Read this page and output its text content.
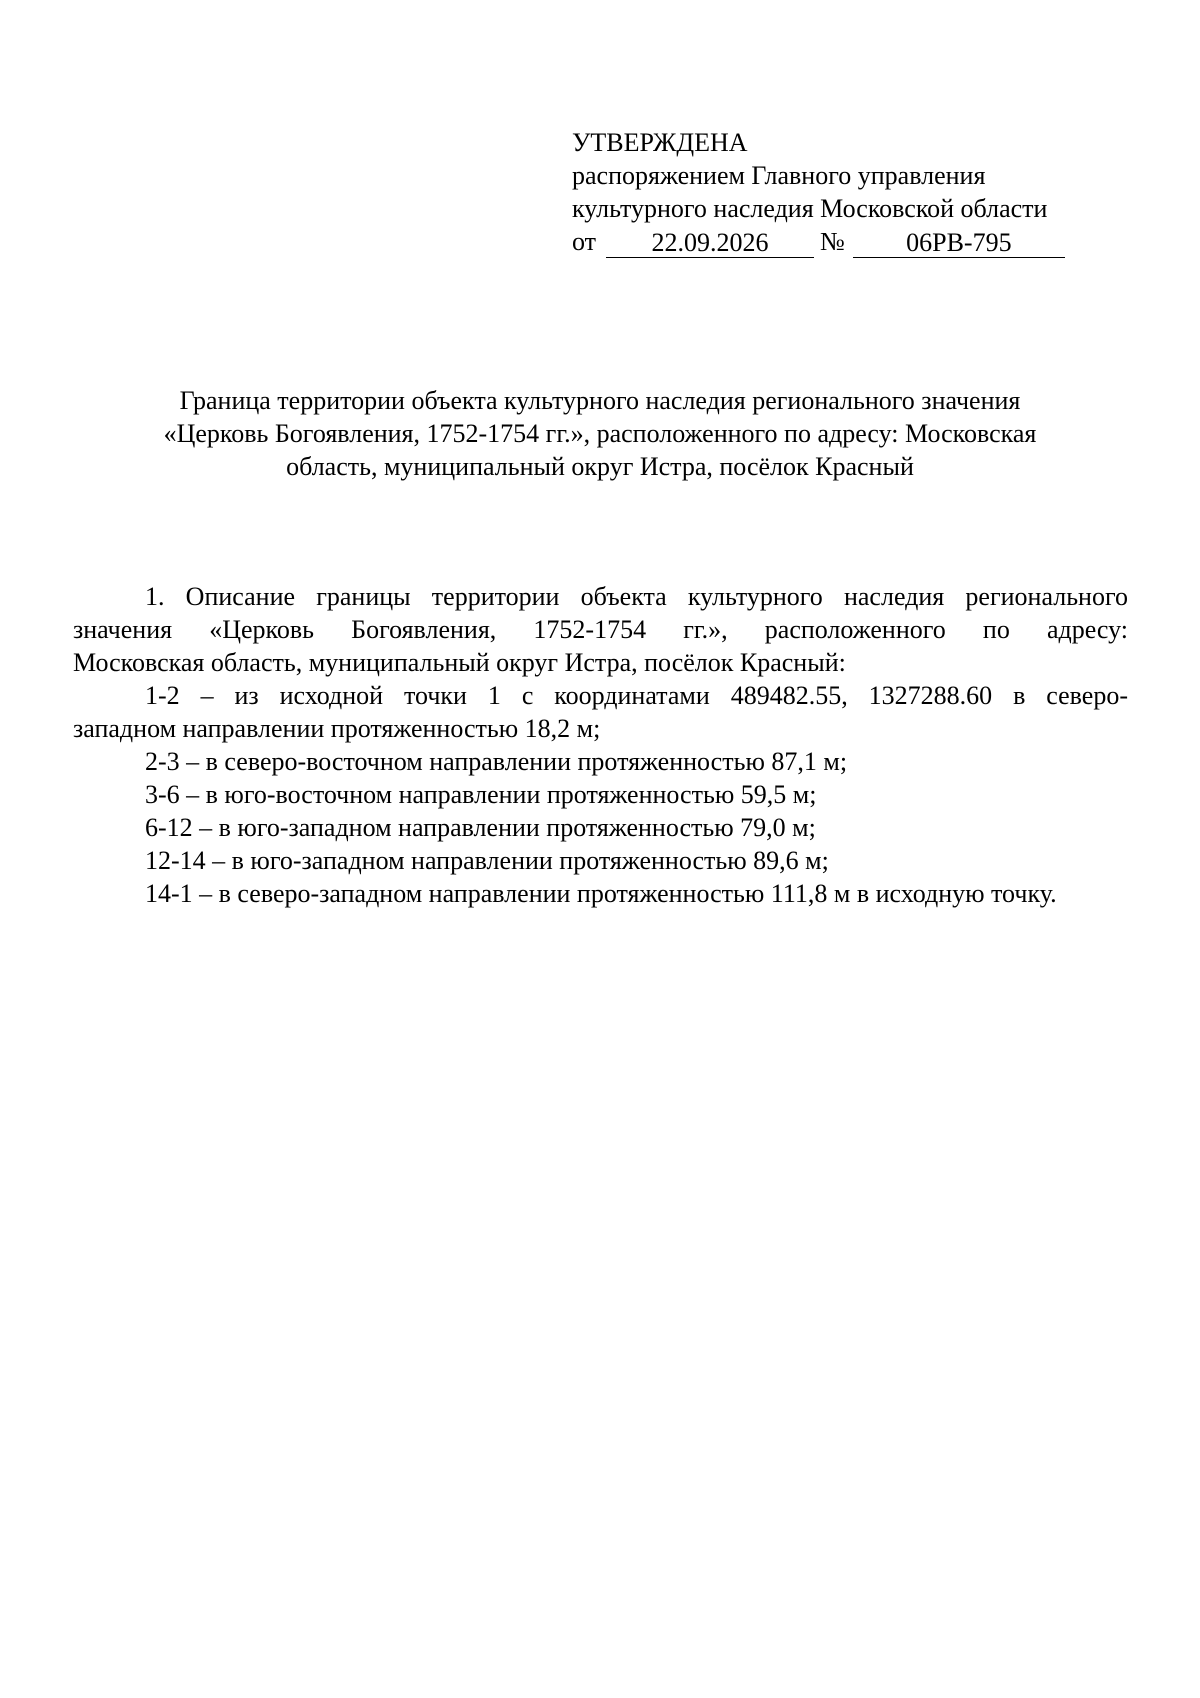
УТВЕРЖДЕНА
распоряжением Главного управления
культурного наследия Московской области
от	22.09.2026	№	06РВ-795
Граница территории объекта культурного наследия регионального значения
«Церковь Богоявления, 1752-1754 гг.», расположенного по адресу: Московская
область, муниципальный округ Истра, посёлок Красный
1. Описание границы территории объекта культурного наследия регионального
значения «Церковь Богоявления, 1752-1754 гг.», расположенного по адресу:
Московская область, муниципальный округ Истра, посёлок Красный:
1-2 – из исходной точки 1 с координатами 489482.55, 1327288.60 в северо-
западном направлении протяженностью 18,2 м;
2-3 – в северо-восточном направлении протяженностью 87,1 м;
3-6 – в юго-восточном направлении протяженностью 59,5 м;
6-12 – в юго-западном направлении протяженностью 79,0 м;
12-14 – в юго-западном направлении протяженностью 89,6 м;
14-1 – в северо-западном направлении протяженностью 111,8 м в исходную точку.
